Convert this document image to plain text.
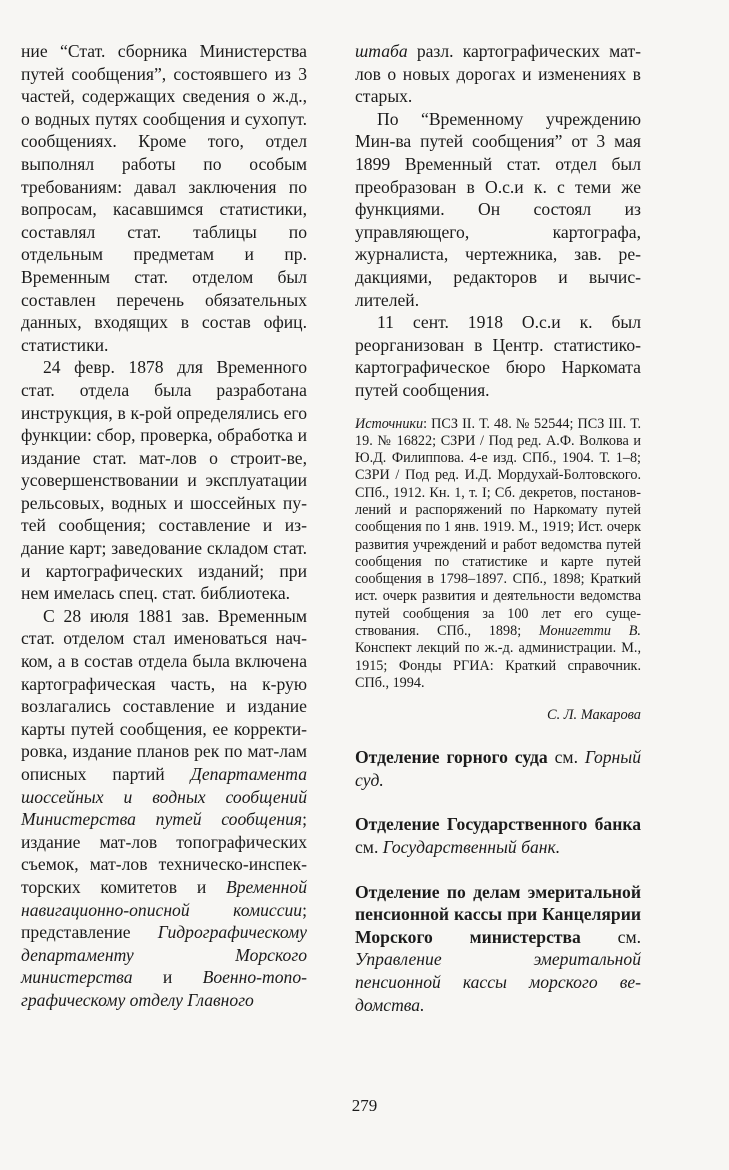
ние “Стат. сборника Министерства путей сообщения”, состоявшего из 3 частей, содержащих сведения о ж.д., о водных путях сообщения и сухопут. сообщениях. Кроме того, отдел выполнял работы по особым требованиям: давал заключения по вопросам, касавшимся статистики, составлял стат. таблицы по отдельным предметам и пр. Временным стат. отделом был составлен перечень обязательных данных, входящих в состав офиц. статистики.

24 февр. 1878 для Временного стат. отдела была разработана инструкция, в к-рой определялись его функции: сбор, проверка, обработка и издание стат. мат-лов о строит-ве, усовершенствовании и эксплуатации рельсовых, водных и шоссейных путей сообщения; составление и издание карт; заведование складом стат. и картографических изданий; при нем имелась спец. стат. библиотека.

С 28 июля 1881 зав. Временным стат. отделом стал именоваться нач-ком, а в состав отдела была включена картографическая часть, на к-рую возлагались составление и издание карты путей сообщения, ее корректировка, издание планов рек по мат-лам описных партий Департамента шоссейных и водных сообщений Министерства путей сообщения; издание мат-лов топографических съемок, мат-лов техническо-инспекторских комитетов и Временной навигационно-описной комиссии; представление Гидрографическому департаменту Морского министерства и Военно-топографическому отделу Главного

штаба разл. картографических мат-лов о новых дорогах и изменениях в старых.

По “Временному учреждению Мин-ва путей сообщения” от 3 мая 1899 Временный стат. отдел был преобразован в О.с.и к. с теми же функциями. Он состоял из управляющего, картографа, журналиста, чертежника, зав. редакциями, редакторов и вычислителей.

11 сент. 1918 О.с.и к. был реорганизован в Центр. статистико-картографическое бюро Наркомата путей сообщения.

Источники: ПСЗ II. Т. 48. № 52544; ПСЗ III. Т. 19. № 16822; СЗРИ / Под ред. А.Ф. Волкова и Ю.Д. Филиппова. 4-е изд. СПб., 1904. Т. 1–8; СЗРИ / Под ред. И.Д. Мордухай-Болтовского. СПб., 1912. Кн. 1, т. I; Сб. декретов, постановлений и распоряжений по Наркомату путей сообщения по 1 янв. 1919. М., 1919; Ист. очерк развития учреждений и работ ведомства путей сообщения по статистике и карте путей сообщения в 1798–1897. СПб., 1898; Краткий ист. очерк развития и деятельности ведомства путей сообщения за 100 лет его существования. СПб., 1898; Монигетти В. Конспект лекций по ж.-д. администрации. М., 1915; Фонды РГИА: Краткий справочник. СПб., 1994.

С. Л. Макарова

Отделение горного суда см. Горный суд.

Отделение Государственного банка см. Государственный банк.

Отделение по делам эмеритальной пенсионной кассы при Канцелярии Морского министерства см. Управление эмеритальной пенсионной кассы морского ведомства.

279
